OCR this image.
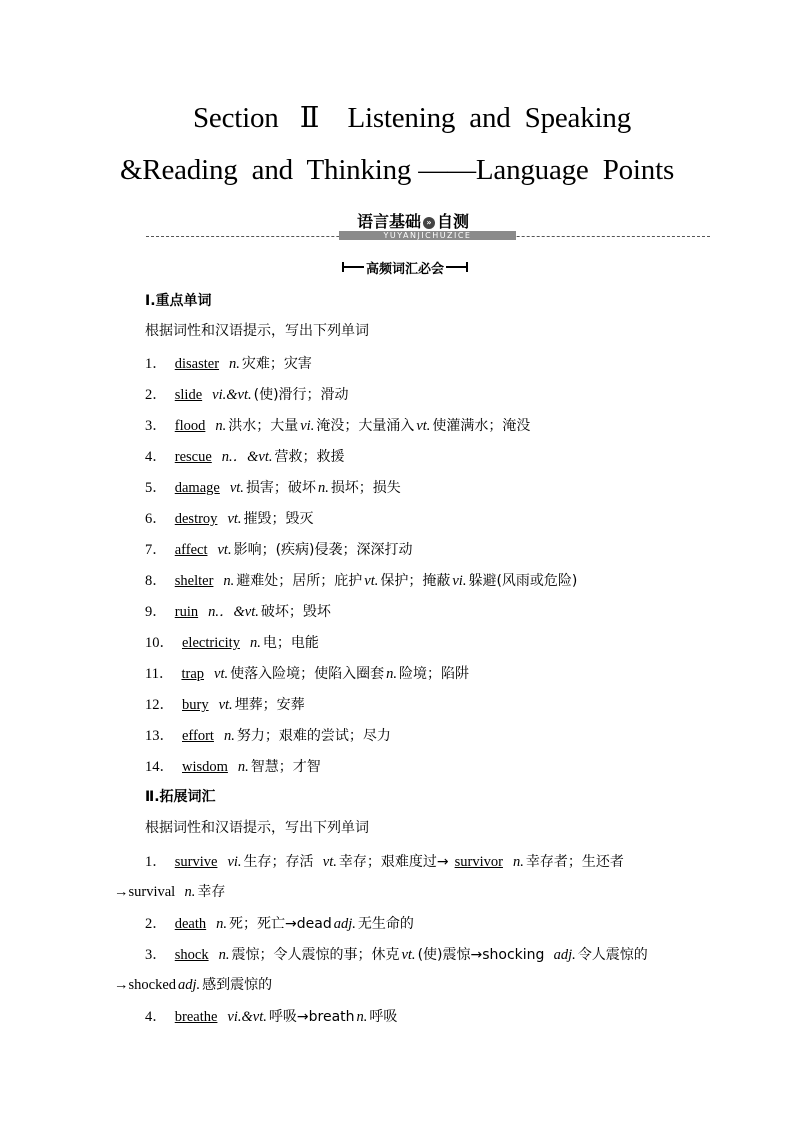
Section   Ⅱ    Listening  and  Speaking
&Reading  and  Thinking ——Language  Points
语言基础 » 自测
YUYANJICHUZICE
高频词汇必会
Ⅰ.重点单词
根据词性和汉语提示，写出下列单词
1． disaster n. 灾难；灾害
2． slide vi.&vt. (使)滑行；滑动
3． flood n. 洪水；大量 vi. 淹没；大量涌入 vt. 使灌满水；淹没
4． rescue n.．&vt. 营救；救援
5． damage vt. 损害；破坏 n. 损坏；损失
6． destroy vt. 摧毁；毁灭
7． affect vt. 影响；(疾病)侵袭；深深打动
8． shelter n. 避难处；居所；庇护 vt. 保护；掩蔽 vi. 躲避(风雨或危险)
9． ruin n.．&vt. 破坏；毁坏
10． electricity n. 电；电能
11． trap vt. 使落入险境；使陷入圈套 n. 险境；陷阱
12． bury vt. 埋葬；安葬
13． effort n. 努力；艰难的尝试；尽力
14． wisdom n. 智慧；才智
Ⅱ.拓展词汇
根据词性和汉语提示，写出下列单词
1． survive vi. 生存；存活 vt. 幸存；艰难度过→ survivor n. 幸存者；生还者
→survival n. 幸存
2． death n. 死；死亡→dead adj. 无生命的
3． shock n. 震惊；令人震惊的事；休克 vt. (使)震惊→shocking adj. 令人震惊的
→shocked adj. 感到震惊的
4． breathe vi.&vt. 呼吸→breath n. 呼吸
